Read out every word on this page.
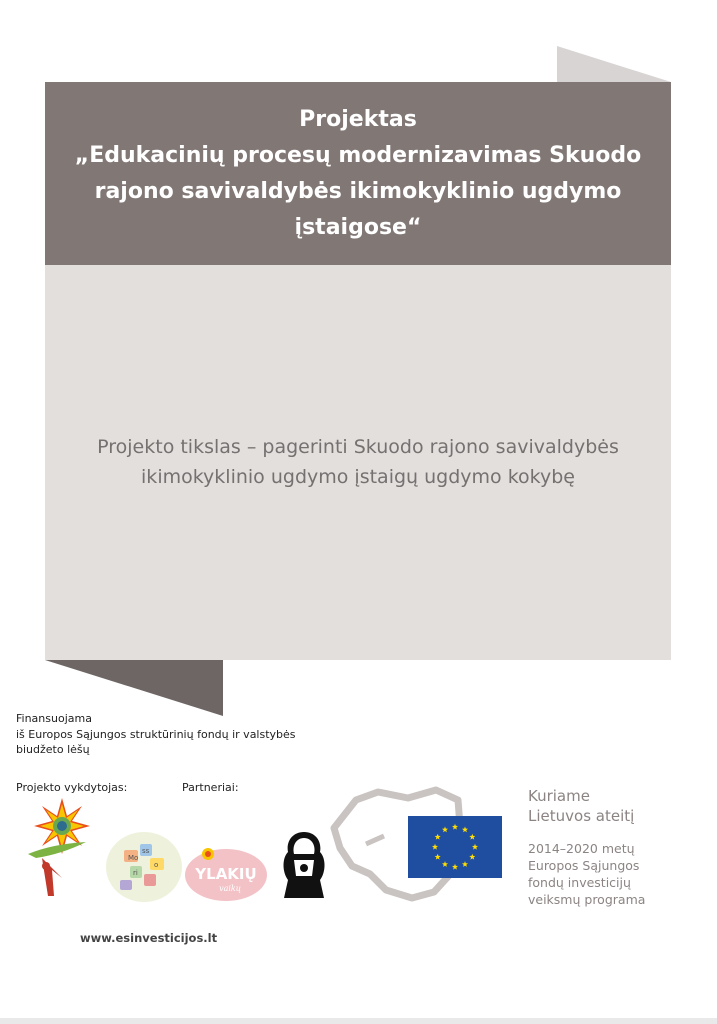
Projektas
„Edukacinių procesų modernizavimas Skuodo
rajono savivaldybės ikimokyklinio ugdymo
įstaigose“
Projekto tikslas – pagerinti Skuodo rajono savivaldybės
ikimokyklinio ugdymo įstaigų ugdymo kokybę
Finansuojama
iš Europos Sąjungos struktūrinių fondų ir valstybės
biudžeto lėšų
Projekto vykdytojas:	Partneriai:
Mo
ss
o
ri	YLAKIŲ
vaikų
Kuriame
Lietuvos ateitį
2014–2020 metų
Europos Sąjungos
fondų investicijų
veiksmų programa
www.esinvesticijos.lt
